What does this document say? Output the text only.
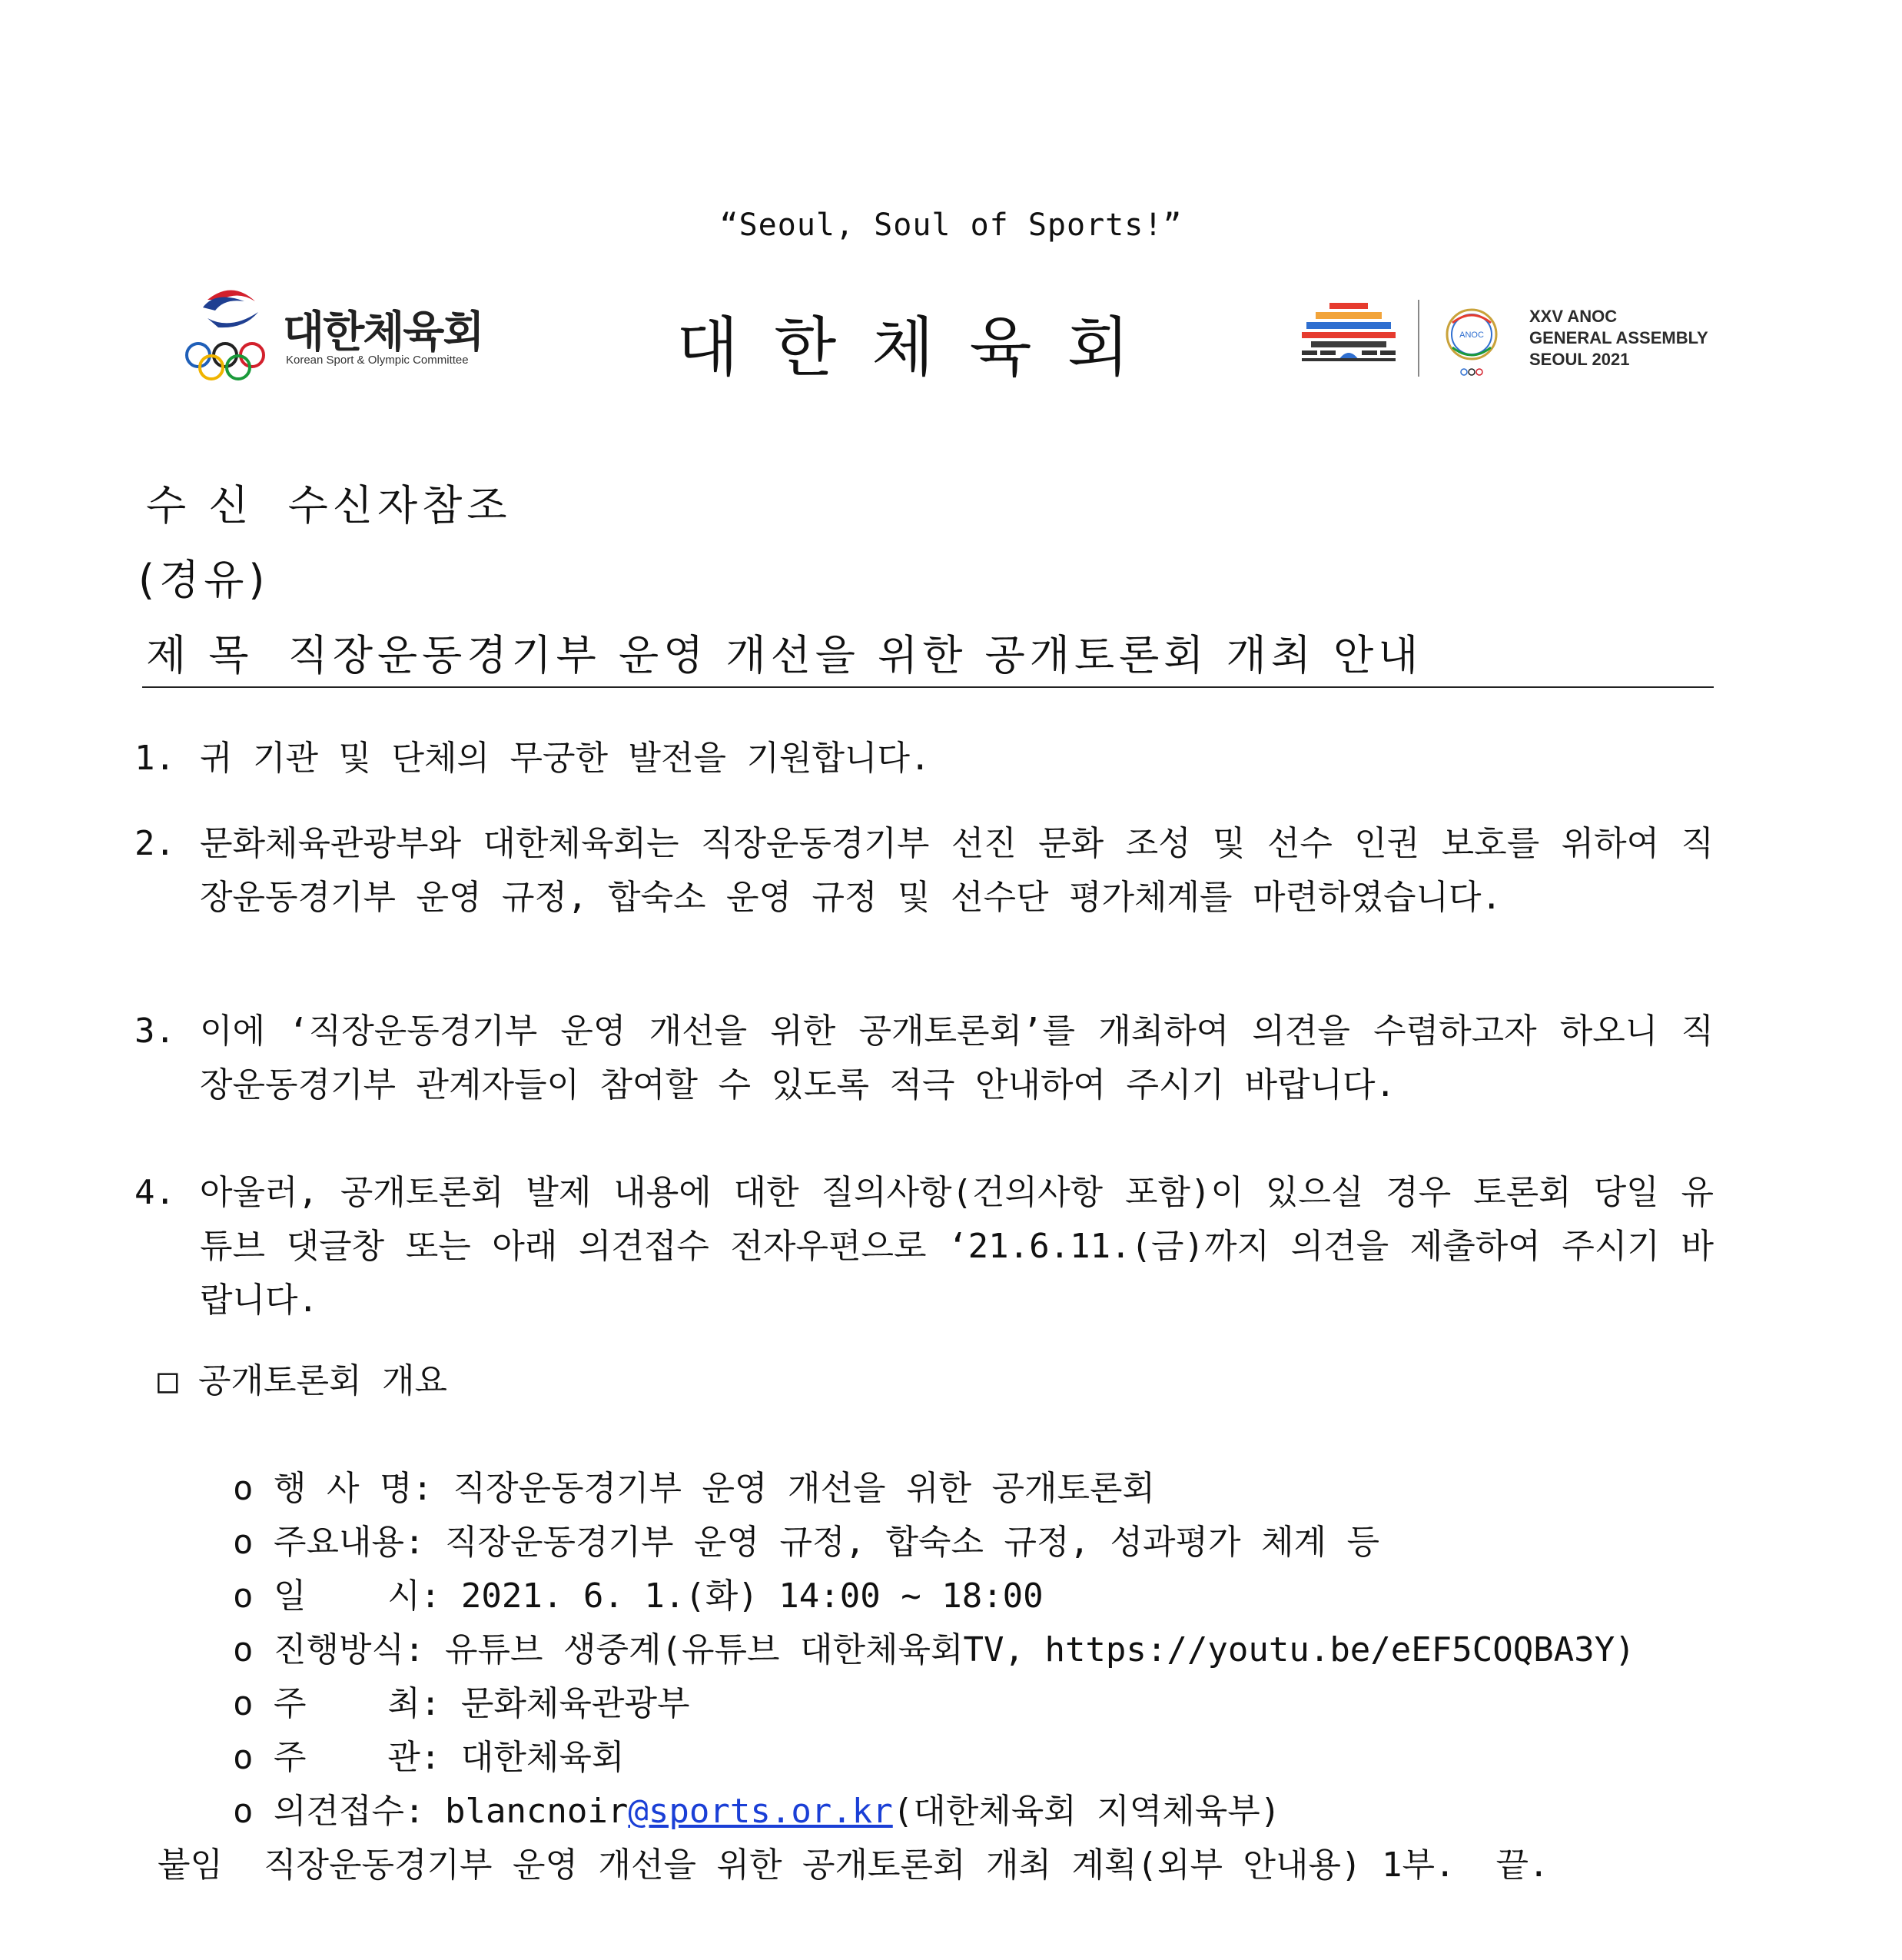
“Seoul, Soul of Sports!”
대한체육회
Korean Sport & Olympic Committee	대한체육회	ANOC
XXV ANOC
GENERAL ASSEMBLY
SEOUL 2021
수 신 수신자참조
(경유)
제 목 직장운동경기부 운영 개선을 위한 공개토론회 개최 안내
1. 귀 기관 및 단체의 무궁한 발전을 기원합니다.
2. 문화체육관광부와 대한체육회는 직장운동경기부 선진 문화 조성 및 선수 인권 보호를 위하여 직장운동경기부 운영 규정, 합숙소 운영 규정 및 선수단 평가체계를 마련하였습니다.
3. 이에 ‘직장운동경기부 운영 개선을 위한 공개토론회’를 개최하여 의견을 수렴하고자 하오니 직장운동경기부 관계자들이 참여할 수 있도록 적극 안내하여 주시기 바랍니다.
4. 아울러, 공개토론회 발제 내용에 대한 질의사항(건의사항 포함)이 있으실 경우 토론회 당일 유튜브 댓글창 또는 아래 의견접수 전자우편으로 ‘21.6.11.(금)까지 의견을 제출하여 주시기 바랍니다.
□ 공개토론회 개요

o 행 사 명: 직장운동경기부 운영 개선을 위한 공개토론회

o 주요내용: 직장운동경기부 운영 규정, 합숙소 규정, 성과평가 체계 등

o 일    시: 2021. 6. 1.(화) 14:00 ~ 18:00

o 진행방식: 유튜브 생중계(유튜브 대한체육회TV, https://youtu.be/eEF5COQBA3Y)

o 주    최: 문화체육관광부

o 주    관: 대한체육회

o 의견접수: blancnoir@sports.or.kr(대한체육회 지역체육부)

붙임 직장운동경기부 운영 개선을 위한 공개토론회 개최 계획(외부 안내용) 1부. 끝.
